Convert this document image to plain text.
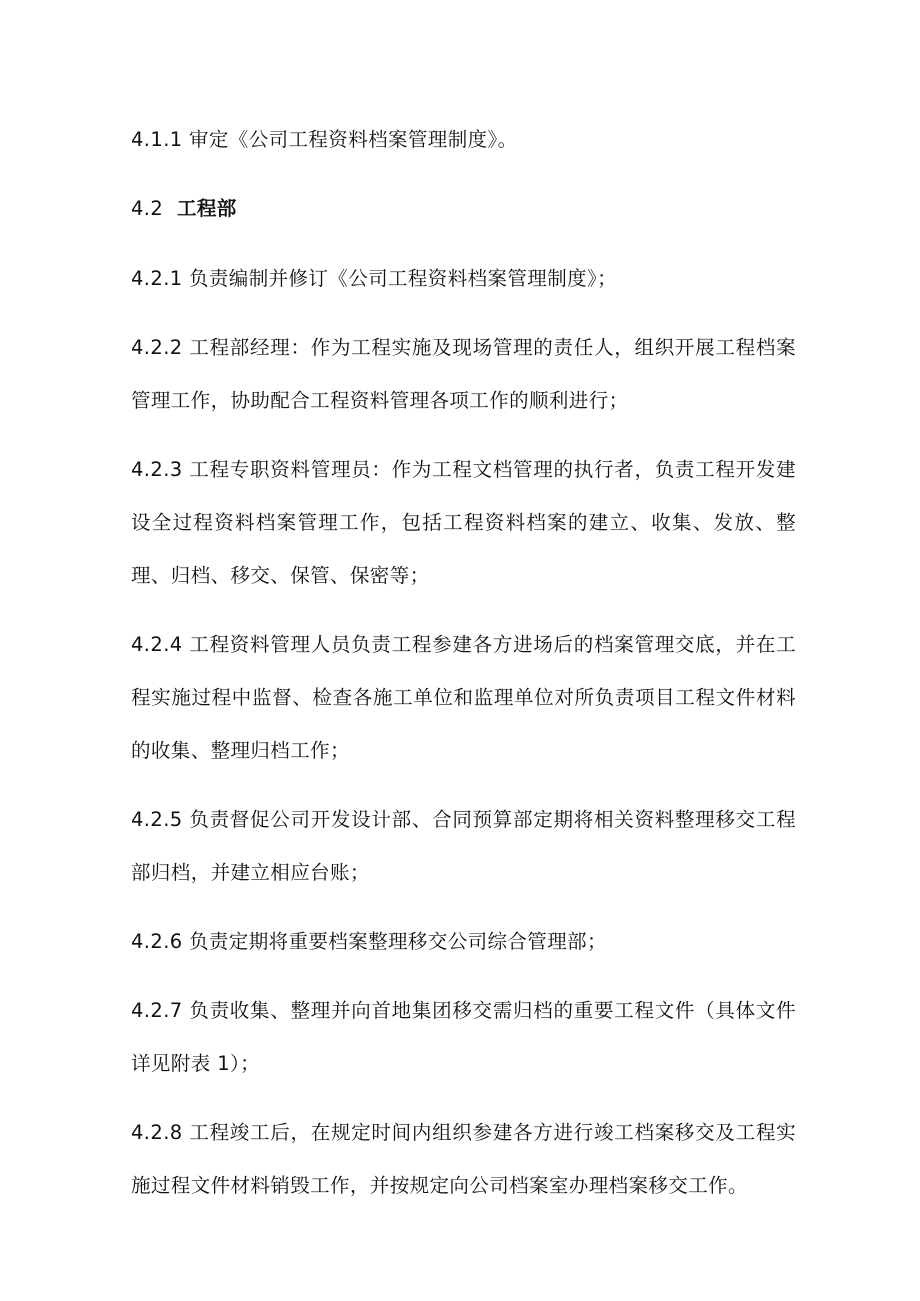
4.1.1 审定《公司工程资料档案管理制度》。

4.2 工程部

4.2.1 负责编制并修订《公司工程资料档案管理制度》；

4.2.2 工程部经理：作为工程实施及现场管理的责任人，组织开展工程档案管理工作，协助配合工程资料管理各项工作的顺利进行；

4.2.3 工程专职资料管理员：作为工程文档管理的执行者，负责工程开发建设全过程资料档案管理工作，包括工程资料档案的建立、收集、发放、整理、归档、移交、保管、保密等；

4.2.4 工程资料管理人员负责工程参建各方进场后的档案管理交底，并在工程实施过程中监督、检查各施工单位和监理单位对所负责项目工程文件材料的收集、整理归档工作；

4.2.5 负责督促公司开发设计部、合同预算部定期将相关资料整理移交工程部归档，并建立相应台账；

4.2.6 负责定期将重要档案整理移交公司综合管理部；

4.2.7 负责收集、整理并向首地集团移交需归档的重要工程文件（具体文件详见附表 1）；

4.2.8 工程竣工后，在规定时间内组织参建各方进行竣工档案移交及工程实施过程文件材料销毁工作，并按规定向公司档案室办理档案移交工作。
